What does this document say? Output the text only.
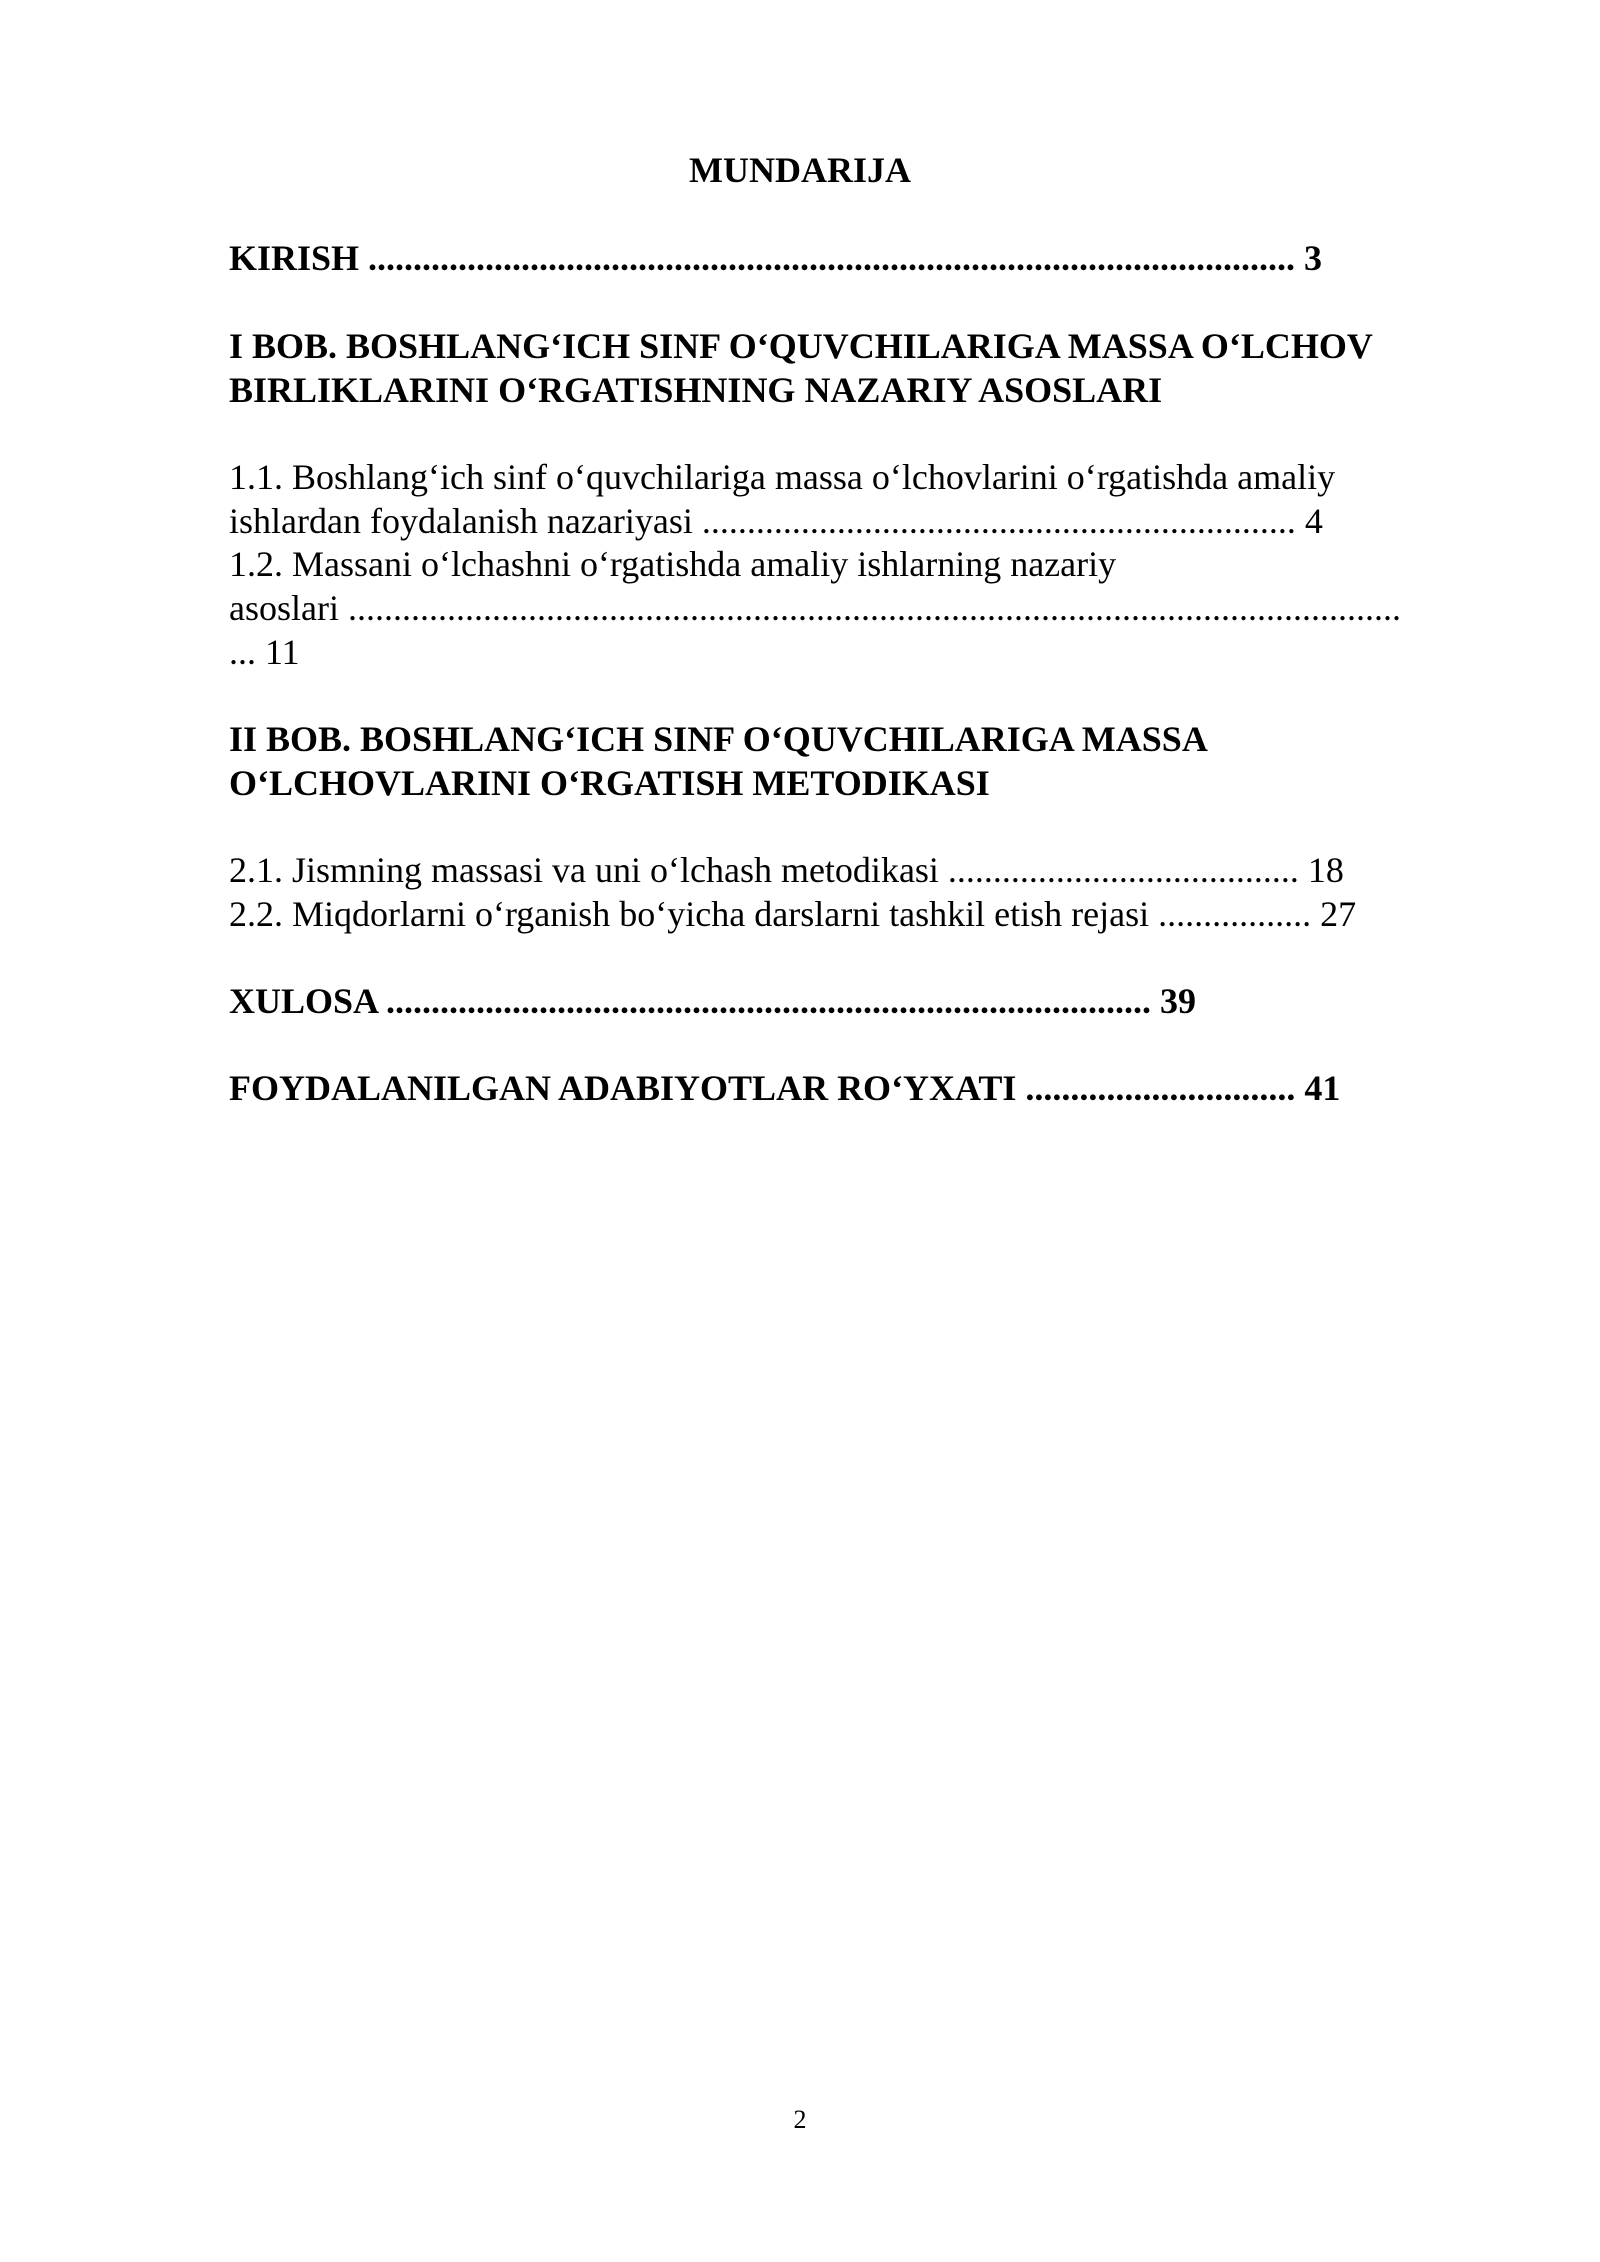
MUNDARIJA

KIRISH ....................................................................................................... 3

I BOB. BOSHLANG‘ICH SINF O‘QUVCHILARIGA MASSA O‘LCHOV

BIRLIKLARINI O‘RGATISHNING NAZARIY ASOSLARI

1.1. Boshlang‘ich sinf o‘quvchilariga massa o‘lchovlarini o‘rgatishda amaliy

ishlardan foydalanish nazariyasi .................................................................. 4

1.2. Massani o‘lchashni o‘rgatishda amaliy ishlarning nazariy

asoslari .....................................................................................................................

... 11

II BOB. BOSHLANG‘ICH SINF O‘QUVCHILARIGA MASSA

O‘LCHOVLARINI O‘RGATISH METODIKASI

2.1. Jismning massasi va uni o‘lchash metodikasi ....................................... 18

2.2. Miqdorlarni o‘rganish bo‘yicha darslarni tashkil etish rejasi ................. 27

XULOSA ..................................................................................... 39

FOYDALANILGAN ADABIYOTLAR RO‘YXATI .............................. 41

2
